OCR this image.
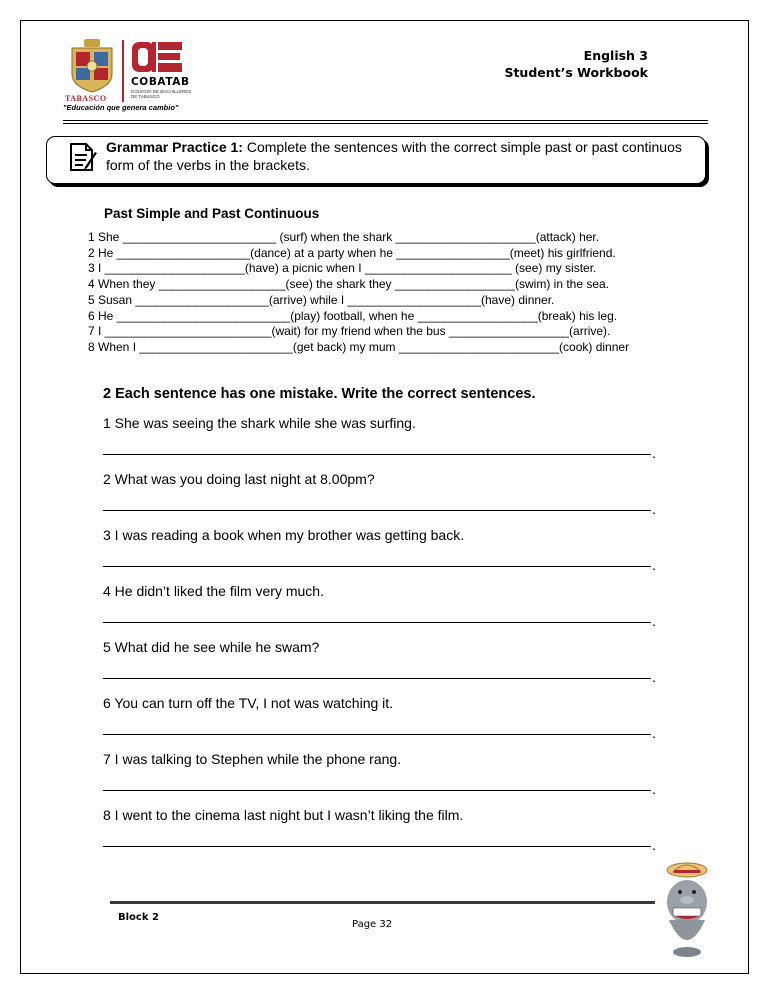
TABASCO
COBATAB
COLEGIO DE BACHILLERES
DE TABASCO
"Educación que genera cambio"
English 3
Student’s Workbook
Grammar Practice 1: Complete the sentences with the correct simple past or past continuos form of the verbs in the brackets.
Past Simple and Past Continuous
1 She _______________________ (surf) when the shark _____________________(attack) her.
2 He ____________________(dance) at a party when he _________________(meet) his girlfriend.
3 I _____________________(have) a picnic when I ______________________ (see) my sister.
4 When they ___________________(see) the shark they __________________(swim) in the sea.
5 Susan ____________________(arrive) while I ____________________(have) dinner.
6 He __________________________(play) football, when he __________________(break) his leg.
7 I _________________________(wait) for my friend when the bus __________________(arrive).
8 When I _______________________(get back) my mum ________________________(cook) dinner
2 Each sentence has one mistake. Write the correct sentences.
1 She was seeing the shark while she was surfing.
.
2 What was you doing last night at 8.00pm?
.
3 I was reading a book when my brother was getting back.
.
4 He didn’t liked the film very much.
.
5 What did he see while he swam?
.
6 You can turn off the TV, I not was watching it.
.
7 I was talking to Stephen while the phone rang.
.
8 I went to the cinema last night but I wasn’t liking the film.
.
Block 2
Page 32
